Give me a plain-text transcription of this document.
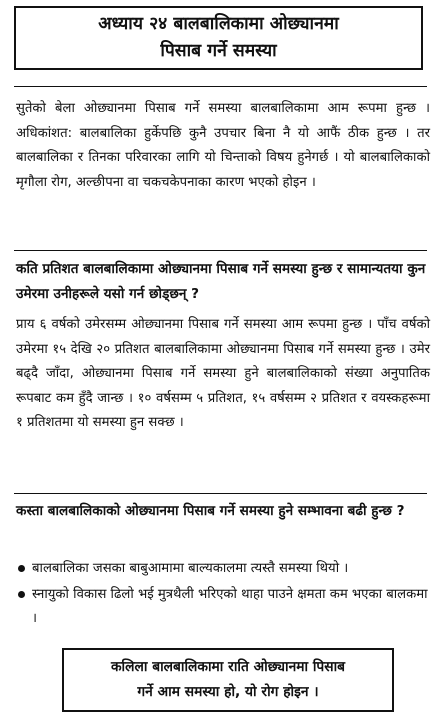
अध्याय २४ बालबालिकामा ओछ्यानमा
पिसाब गर्ने समस्या

सुतेको बेला ओछ्यानमा पिसाब गर्ने समस्या बालबालिकामा आम रूपमा हुन्छ । अधिकांशत: बालबालिका हुर्केपछि कुनै उपचार बिना नै यो आफैं ठीक हुन्छ । तर बालबालिका र तिनका परिवारका लागि यो चिन्ताको विषय हुनेगर्छ । यो बालबालिकाको मृगौला रोग, अल्छीपना वा चकचकेपनाका कारण भएको होइन ।

कति प्रतिशत बालबालिकामा ओछ्यानमा पिसाब गर्ने समस्या हुन्छ र सामान्यतया कुन उमेरमा उनीहरूले यसो गर्न छोड्छन् ?

प्राय ६ वर्षको उमेरसम्म ओछ्यानमा पिसाब गर्ने समस्या आम रूपमा हुन्छ । पाँच वर्षको उमेरमा १५ देखि २० प्रतिशत बालबालिकामा ओछ्यानमा पिसाब गर्ने समस्या हुन्छ । उमेर बढ्दै जाँदा, ओछ्यानमा पिसाब गर्ने समस्या हुने बालबालिकाको संख्या अनुपातिक रूपबाट कम हुँदै जान्छ । १० वर्षसम्म ५ प्रतिशत, १५ वर्षसम्म २ प्रतिशत र वयस्कहरूमा १ प्रतिशतमा यो समस्या हुन सक्छ ।

कस्ता बालबालिकाको ओछ्यानमा पिसाब गर्ने समस्या हुने सम्भावना बढी हुन्छ ?

बालबालिका जसका बाबुआमामा बाल्यकालमा त्यस्तै समस्या थियो ।
स्नायुको विकास ढिलो भई मुत्रथैली भरिएको थाहा पाउने क्षमता कम भएका बालकमा ।
कलिला बालबालिकामा राति ओछ्यानमा पिसाब
गर्ने आम समस्या हो, यो रोग होइन ।
